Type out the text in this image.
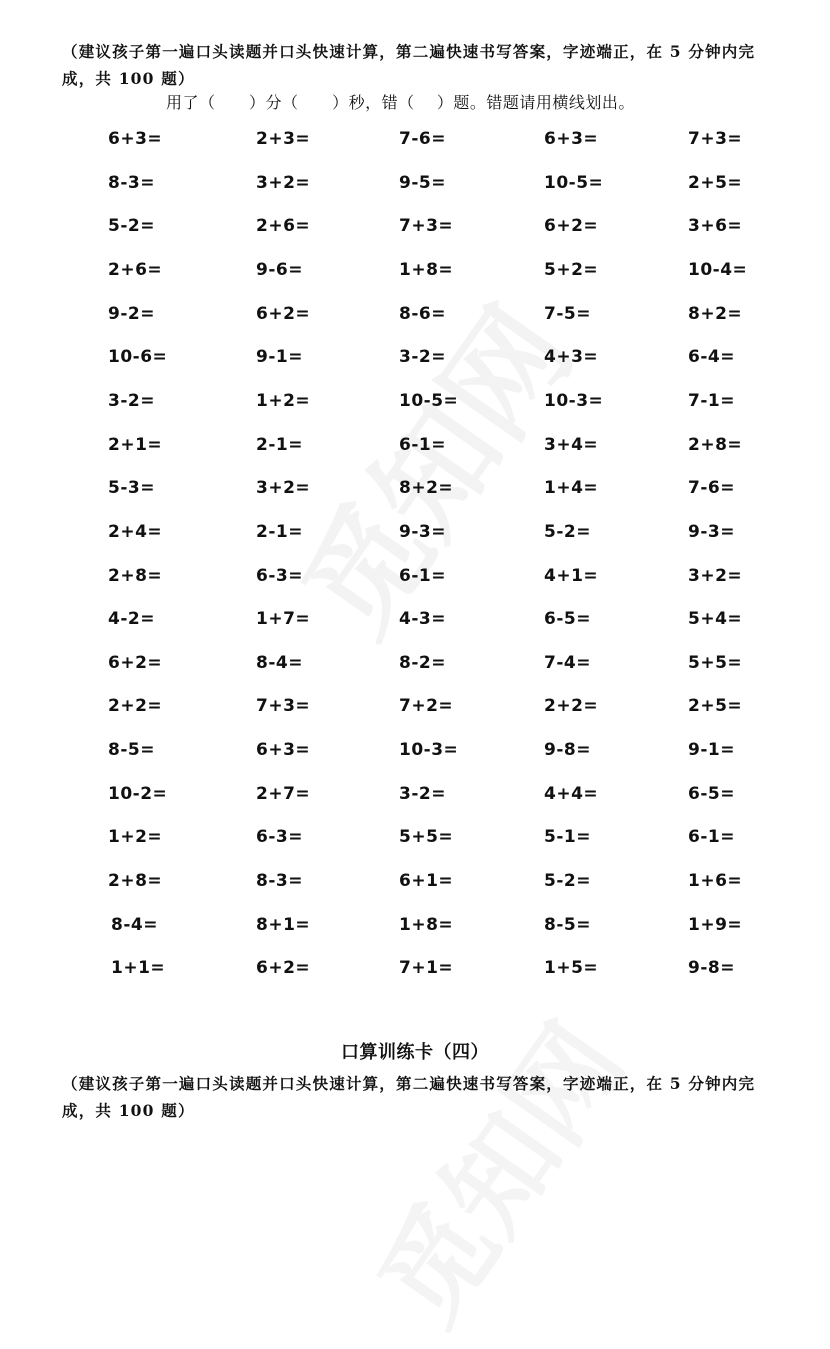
（建议孩子第一遍口头读题并口头快速计算，第二遍快速书写答案，字迹端正，在 5 分钟内完成，共 100 题）

用了（ ）分（ ）秒，错（ ）题。错题请用横线划出。

6+3=	2+3=	7-6=	6+3=	7+3=
8-3=	3+2=	9-5=	10-5=	2+5=
5-2=	2+6=	7+3=	6+2=	3+6=
2+6=	9-6=	1+8=	5+2=	10-4=
9-2=	6+2=	8-6=	7-5=	8+2=
10-6=	9-1=	3-2=	4+3=	6-4=
3-2=	1+2=	10-5=	10-3=	7-1=
2+1=	2-1=	6-1=	3+4=	2+8=
5-3=	3+2=	8+2=	1+4=	7-6=
2+4=	2-1=	9-3=	5-2=	9-3=
2+8=	6-3=	6-1=	4+1=	3+2=
4-2=	1+7=	4-3=	6-5=	5+4=
6+2=	8-4=	8-2=	7-4=	5+5=
2+2=	7+3=	7+2=	2+2=	2+5=
8-5=	6+3=	10-3=	9-8=	9-1=
10-2=	2+7=	3-2=	4+4=	6-5=
1+2=	6-3=	5+5=	5-1=	6-1=
2+8=	8-3=	6+1=	5-2=	1+6=
8-4=	8+1=	1+8=	8-5=	1+9=
1+1=	6+2=	7+1=	1+5=	9-8=

口算训练卡（四）

（建议孩子第一遍口头读题并口头快速计算，第二遍快速书写答案，字迹端正，在 5 分钟内完成，共 100 题）
